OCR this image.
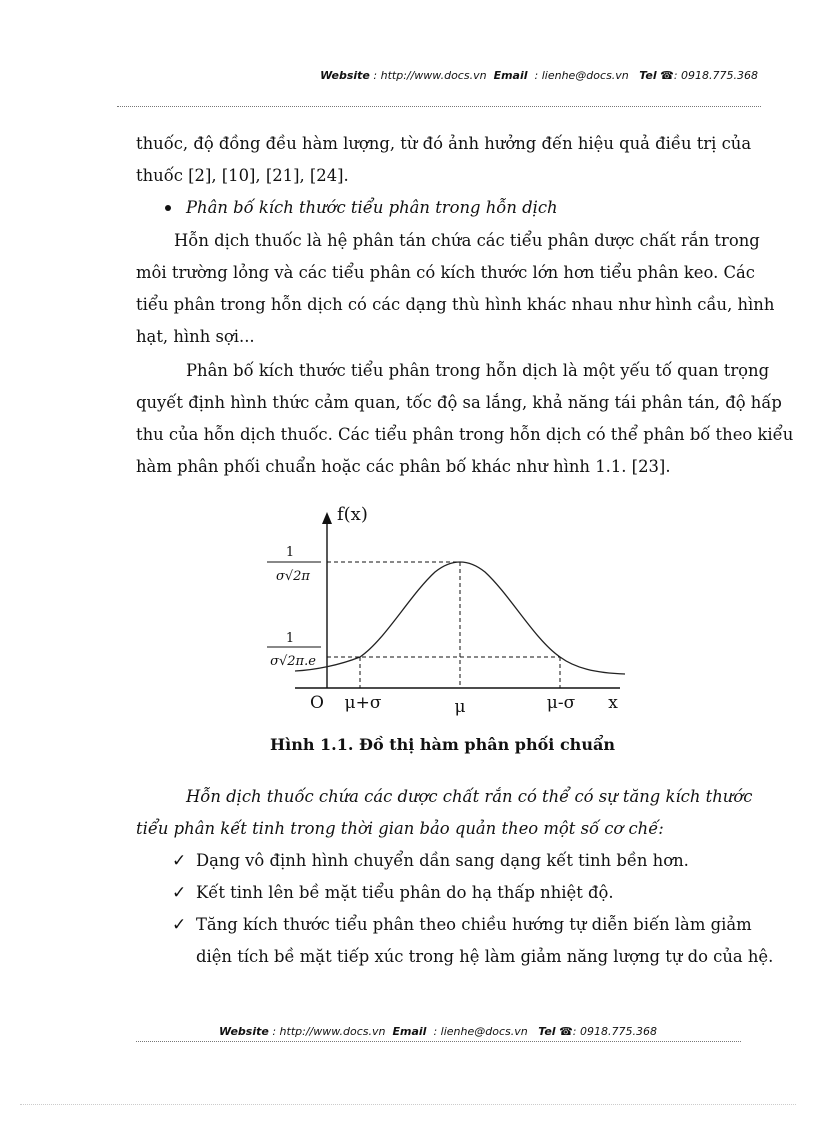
Website : http://www.docs.vn Email : lienhe@docs.vn Tel ☎: 0918.775.368
thuốc, độ đồng đều hàm lượng, từ đó ảnh hưởng đến hiệu quả điều trị của
thuốc [2], [10], [21], [24].
Phân bố kích thước tiểu phân trong hỗn dịch
Hỗn dịch thuốc là hệ phân tán chứa các tiểu phân dược chất rắn trong
môi trường lỏng và các tiểu phân có kích thước lớn hơn tiểu phân keo. Các
tiểu phân trong hỗn dịch có các dạng thù hình khác nhau như hình cầu, hình
hạt, hình sợi...
Phân bố kích thước tiểu phân trong hỗn dịch là một yếu tố quan trọng
quyết định hình thức cảm quan, tốc độ sa lắng, khả năng tái phân tán, độ hấp
thu của hỗn dịch thuốc. Các tiểu phân trong hỗn dịch có thể phân bố theo kiểu
hàm phân phối chuẩn hoặc các phân bố khác như hình 1.1. [23].
f(x)
1
σ√2π
1
σ√2π.e
O μ+σ	μ	μ-σ x
Hình 1.1. Đồ thị hàm phân phối chuẩn
Hỗn dịch thuốc chứa các dược chất rắn có thể có sự tăng kích thước
tiểu phân kết tinh trong thời gian bảo quản theo một số cơ chế:
✓ Dạng vô định hình chuyển dần sang dạng kết tinh bền hơn.
✓ Kết tinh lên bề mặt tiểu phân do hạ thấp nhiệt độ.
✓ Tăng kích thước tiểu phân theo chiều hướng tự diễn biến làm giảm
diện tích bề mặt tiếp xúc trong hệ làm giảm năng lượng tự do của hệ.
Website : http://www.docs.vn Email : lienhe@docs.vn Tel ☎: 0918.775.368
